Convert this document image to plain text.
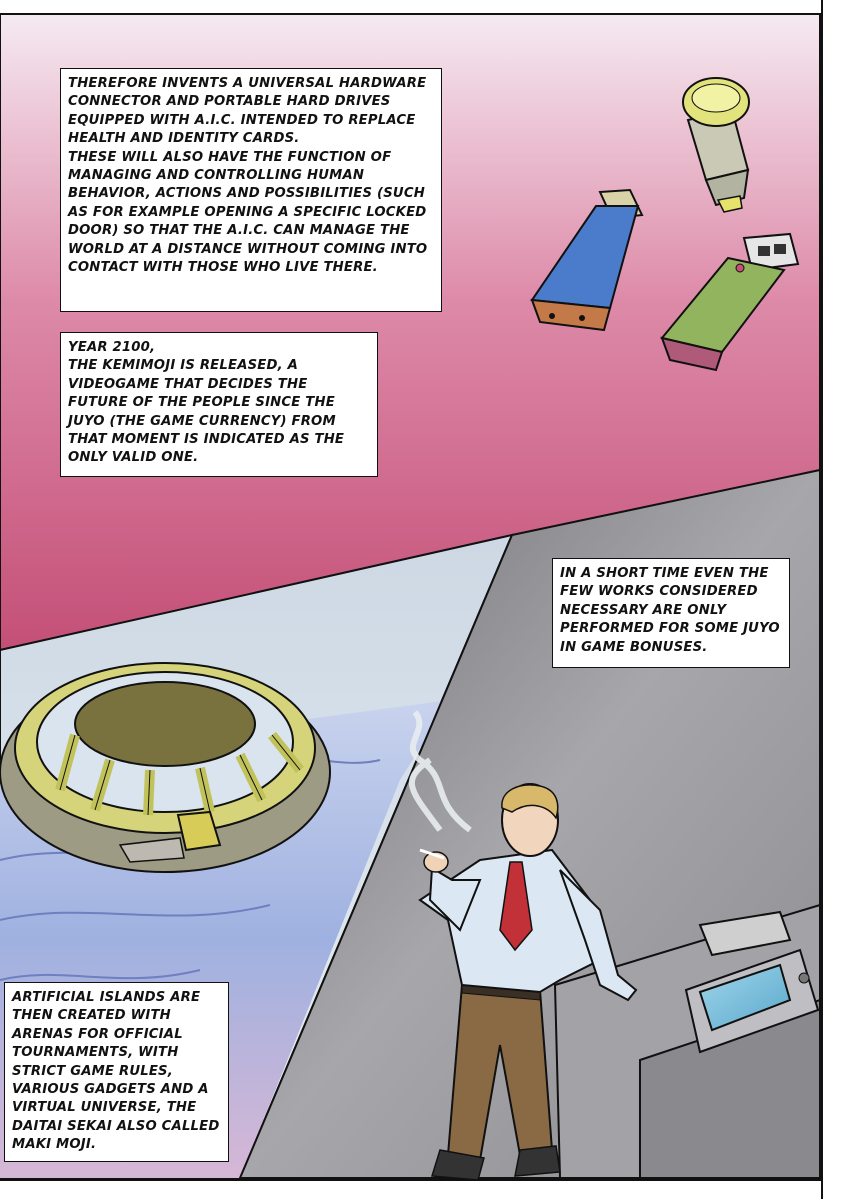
THEREFORE INVENTS A UNIVERSAL HARDWARE CONNECTOR AND PORTABLE HARD DRIVES EQUIPPED WITH A.I.C. INTENDED TO REPLACE HEALTH AND IDENTITY CARDS.

THESE WILL ALSO HAVE THE FUNCTION OF MANAGING AND CONTROLLING HUMAN BEHAVIOR, ACTIONS AND POSSIBILITIES (SUCH AS FOR EXAMPLE OPENING A SPECIFIC LOCKED DOOR) SO THAT THE A.I.C. CAN MANAGE THE WORLD AT A DISTANCE WITHOUT COMING INTO CONTACT WITH THOSE WHO LIVE THERE.

YEAR 2100,

THE KEMIMOJI IS RELEASED, A VIDEOGAME THAT DECIDES THE FUTURE OF THE PEOPLE SINCE THE JUYO (THE GAME CURRENCY) FROM THAT MOMENT IS INDICATED AS THE ONLY VALID ONE.

IN A SHORT TIME EVEN THE FEW WORKS CONSIDERED NECESSARY ARE ONLY PERFORMED FOR SOME JUYO IN GAME BONUSES.

ARTIFICIAL ISLANDS ARE THEN CREATED WITH ARENAS FOR OFFICIAL TOURNAMENTS, WITH STRICT GAME RULES, VARIOUS GADGETS AND A VIRTUAL UNIVERSE, THE DAITAI SEKAI ALSO CALLED MAKI MOJI.
